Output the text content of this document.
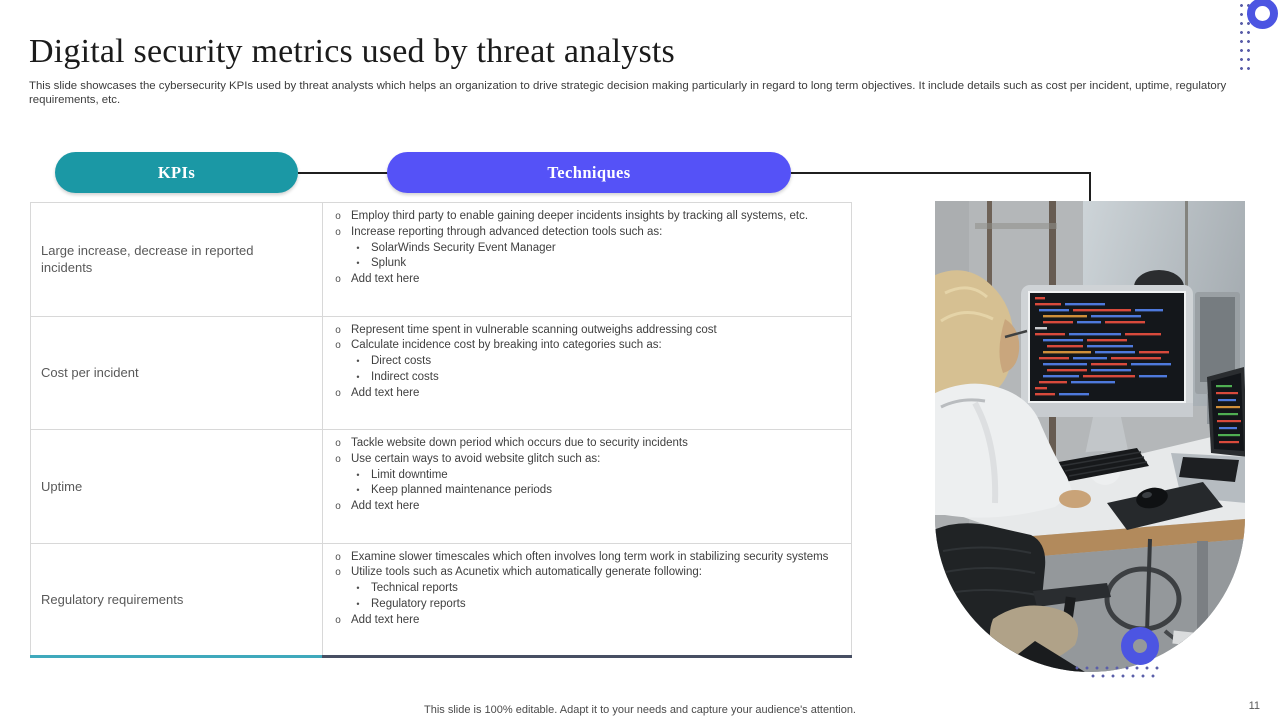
Digital security metrics used by threat analysts
This slide showcases the cybersecurity KPIs used by threat analysts which helps an organization to drive strategic decision making particularly in regard to long term objectives. It include details such as cost per incident, uptime, regulatory requirements, etc.
KPIs	Techniques
Large increase, decrease in reported incidents
o Employ third party to enable gaining deeper incidents insights by tracking all systems, etc.
o Increase reporting through advanced detection tools such as:
• SolarWinds Security Event Manager
• Splunk
o Add text here
Cost per incident
o Represent time spent in vulnerable scanning outweighs addressing cost
o Calculate incidence cost by breaking into categories such as:
• Direct costs
• Indirect costs
o Add text here
Uptime
o Tackle website down period which occurs due to security incidents
o Use certain ways to avoid website glitch such as:
• Limit downtime
• Keep planned maintenance periods
o Add text here
Regulatory requirements
o Examine slower timescales which often involves long term work in stabilizing security systems
o Utilize tools such as Acunetix which automatically generate following:
• Technical reports
• Regulatory reports
o Add text here
This slide is 100% editable. Adapt it to your needs and capture your audience's attention.	11
